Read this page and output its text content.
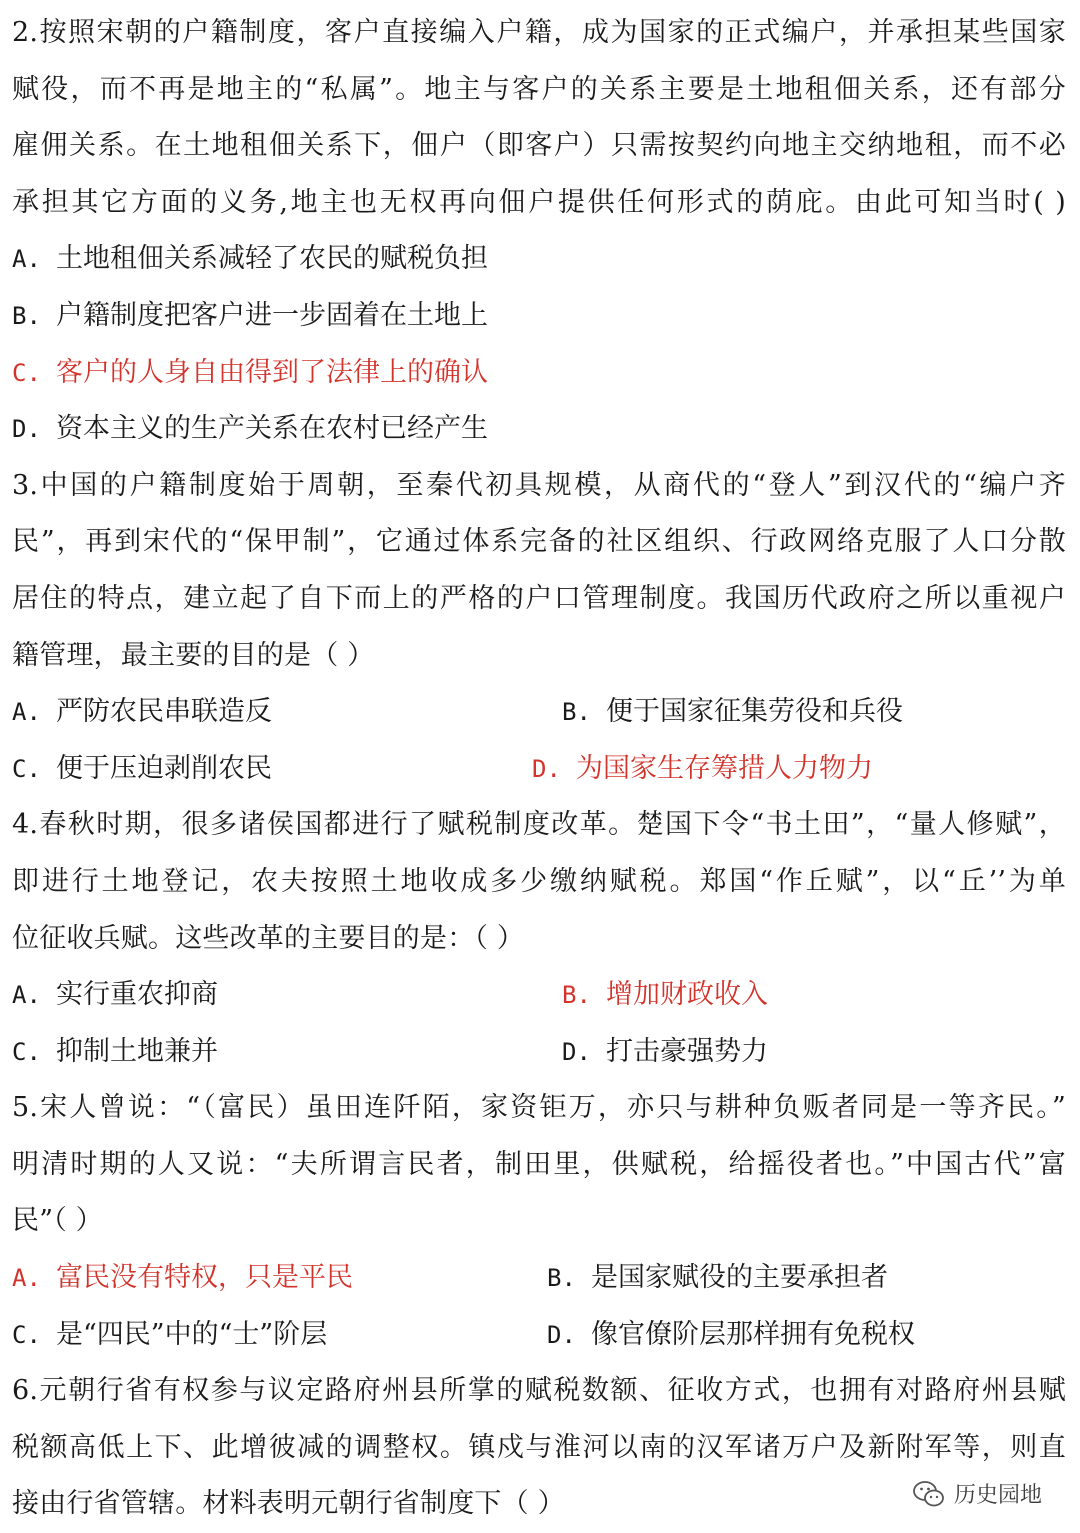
2.按照宋朝的户籍制度，客户直接编入户籍，成为国家的正式编户，并承担某些国家

赋役，而不再是地主的“私属”。地主与客户的关系主要是土地租佃关系，还有部分

雇佣关系。在土地租佃关系下，佃户（即客户）只需按契约向地主交纳地租，而不必

承担其它方面的义务,地主也无权再向佃户提供任何形式的荫庇。由此可知当时( )

A. 土地租佃关系减轻了农民的赋税负担
B. 户籍制度把客户进一步固着在土地上
C. 客户的人身自由得到了法律上的确认
D. 资本主义的生产关系在农村已经产生

3.中国的户籍制度始于周朝，至秦代初具规模，从商代的“登人”到汉代的“编户齐

民”，再到宋代的“保甲制”，它通过体系完备的社区组织、行政网络克服了人口分散

居住的特点，建立起了自下而上的严格的户口管理制度。我国历代政府之所以重视户

籍管理，最主要的目的是（ ）

A. 严防农民串联造反	B. 便于国家征集劳役和兵役
C. 便于压迫剥削农民	D. 为国家生存筹措人力物力

4.春秋时期，很多诸侯国都进行了赋税制度改革。楚国下令“书土田”，“量人修赋”，

即进行土地登记，农夫按照土地收成多少缴纳赋税。郑国“作丘赋”，以“丘’’为单

位征收兵赋。这些改革的主要目的是：（ ）

A. 实行重农抑商	B. 增加财政收入
C. 抑制土地兼并	D. 打击豪强势力

5.宋人曾说：“（富民）虽田连阡陌，家资钜万，亦只与耕种负贩者同是一等齐民。”

明清时期的人又说：“夫所谓言民者，制田里，供赋税，给摇役者也。”中国古代”富

民”（ ）

A. 富民没有特权，只是平民	B. 是国家赋役的主要承担者
C. 是“四民”中的“士”阶层	D. 像官僚阶层那样拥有免税权

6.元朝行省有权参与议定路府州县所掌的赋税数额、征收方式，也拥有对路府州县赋

税额高低上下、此增彼减的调整权。镇戍与淮河以南的汉军诸万户及新附军等，则直

接由行省管辖。材料表明元朝行省制度下（ ）	历史园地
